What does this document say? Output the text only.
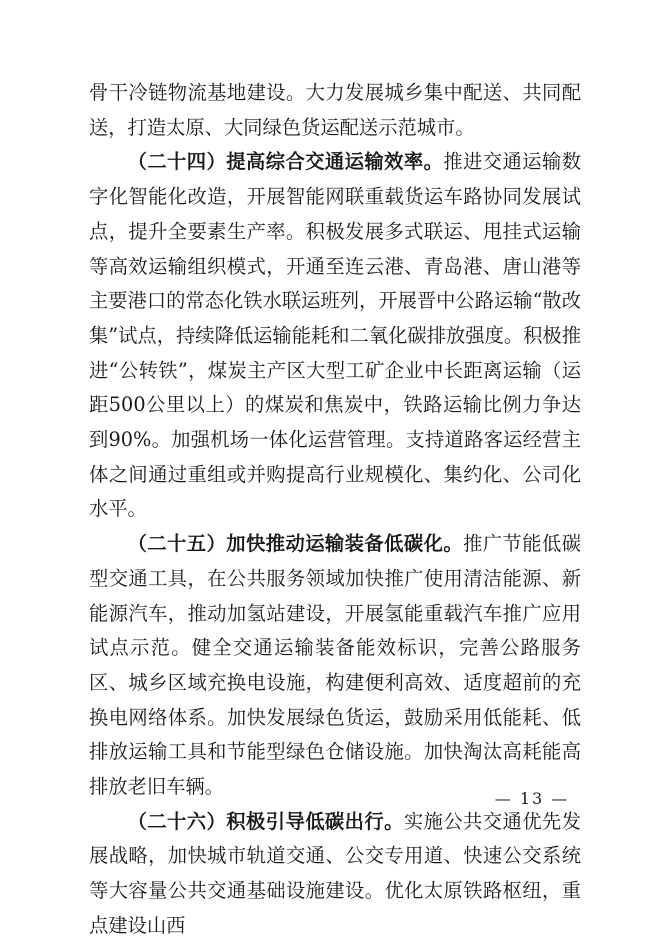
骨干冷链物流基地建设。大力发展城乡集中配送、共同配送，打造太原、大同绿色货运配送示范城市。

（二十四）提高综合交通运输效率。推进交通运输数字化智能化改造，开展智能网联重载货运车路协同发展试点，提升全要素生产率。积极发展多式联运、甩挂式运输等高效运输组织模式，开通至连云港、青岛港、唐山港等主要港口的常态化铁水联运班列，开展晋中公路运输“散改集”试点，持续降低运输能耗和二氧化碳排放强度。积极推进“公转铁”，煤炭主产区大型工矿企业中长距离运输（运距500公里以上）的煤炭和焦炭中，铁路运输比例力争达到90%。加强机场一体化运营管理。支持道路客运经营主体之间通过重组或并购提高行业规模化、集约化、公司化水平。

（二十五）加快推动运输装备低碳化。推广节能低碳型交通工具，在公共服务领域加快推广使用清洁能源、新能源汽车，推动加氢站建设，开展氢能重载汽车推广应用试点示范。健全交通运输装备能效标识，完善公路服务区、城乡区域充换电设施，构建便利高效、适度超前的充换电网络体系。加快发展绿色货运，鼓励采用低能耗、低排放运输工具和节能型绿色仓储设施。加快淘汰高耗能高排放老旧车辆。

（二十六）积极引导低碳出行。实施公共交通优先发展战略，加快城市轨道交通、公交专用道、快速公交系统等大容量公共交通基础设施建设。优化太原铁路枢纽，重点建设山西

— 13 —
